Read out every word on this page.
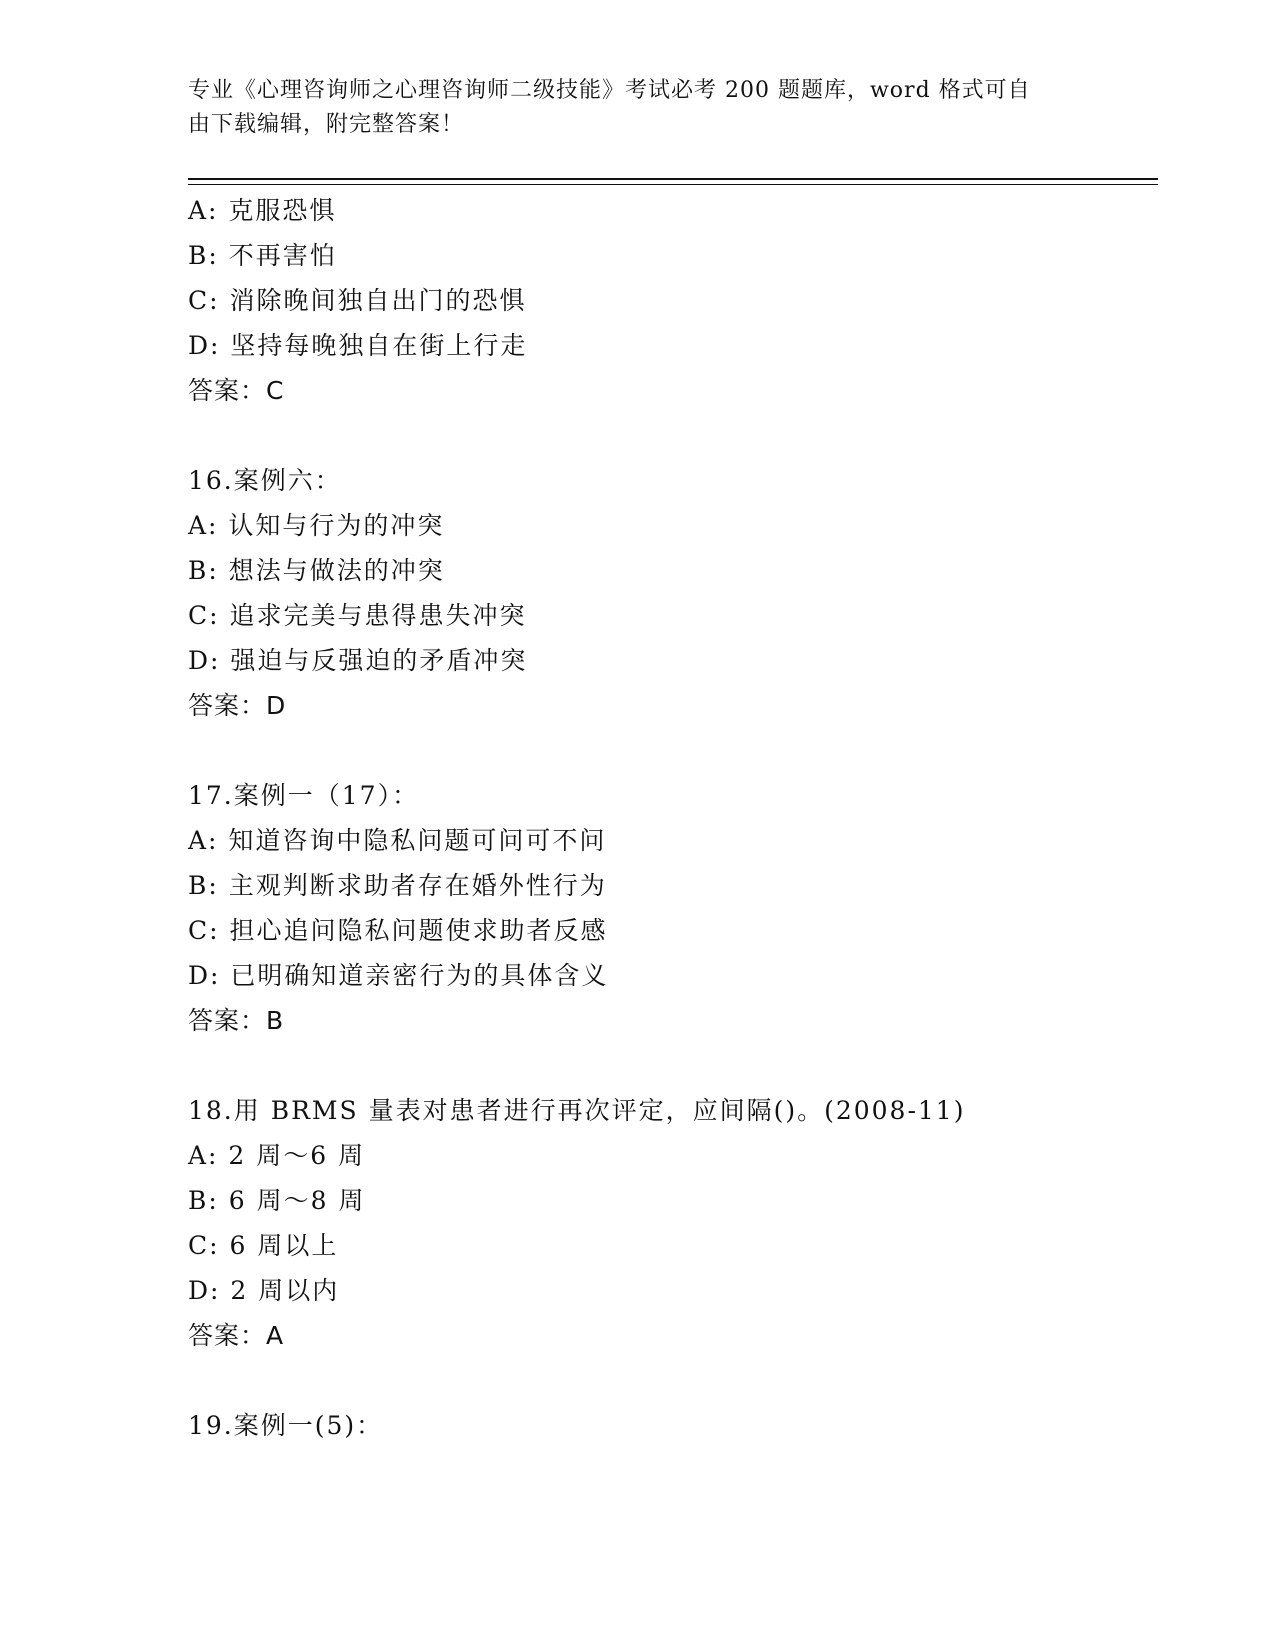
专业《心理咨询师之心理咨询师二级技能》考试必考 200 题题库，word 格式可自
由下载编辑，附完整答案！
A: 克服恐惧
B: 不再害怕
C: 消除晚间独自出门的恐惧
D: 坚持每晚独自在街上行走
答案：C
16.案例六：
A: 认知与行为的冲突
B: 想法与做法的冲突
C: 追求完美与患得患失冲突
D: 强迫与反强迫的矛盾冲突
答案：D
17.案例一（17）：
A: 知道咨询中隐私问题可问可不问
B: 主观判断求助者存在婚外性行为
C: 担心追问隐私问题使求助者反感
D: 已明确知道亲密行为的具体含义
答案：B
18.用 BRMS 量表对患者进行再次评定，应间隔()。(2008-11)
A: 2 周～6 周
B: 6 周～8 周
C: 6 周以上
D: 2 周以内
答案：A
19.案例一(5)：
